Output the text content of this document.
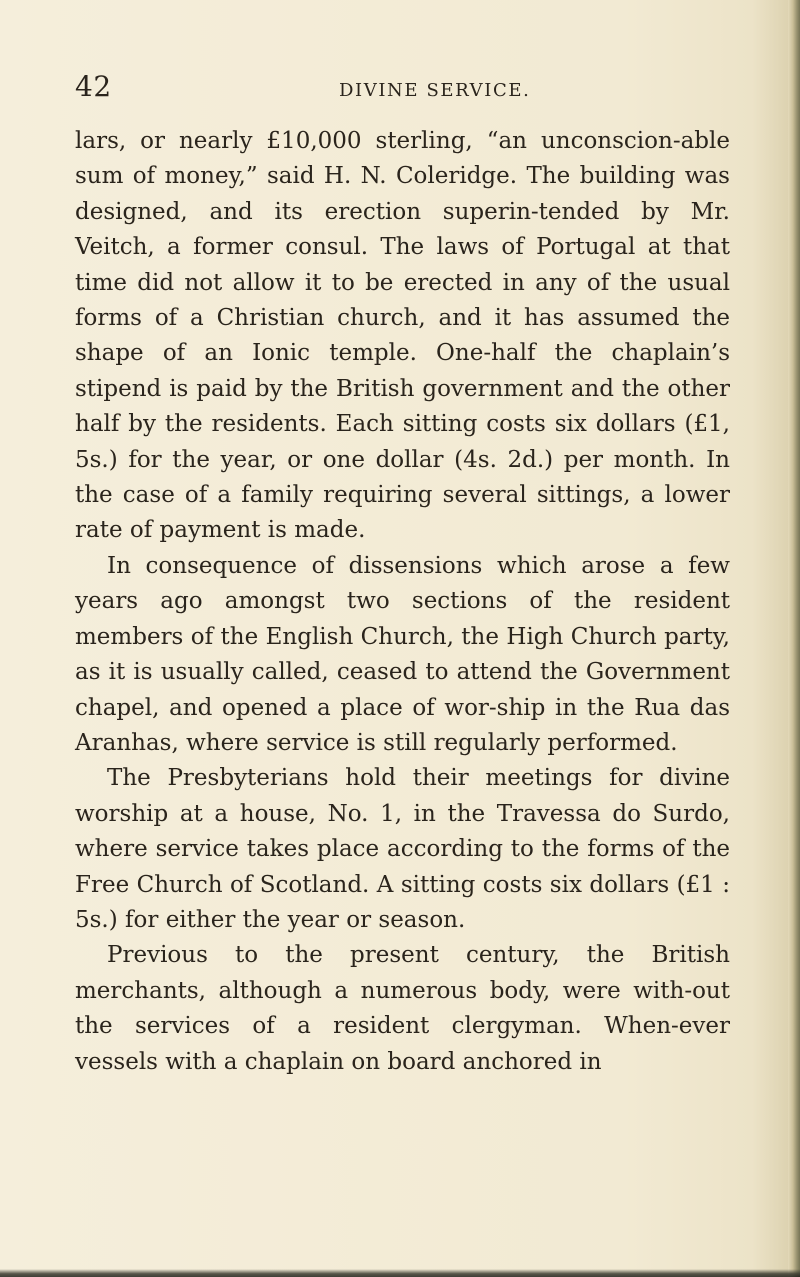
42	DIVINE SERVICE.

lars, or nearly £10,000 sterling, “an unconscion-able sum of money,” said H. N. Coleridge. The building was designed, and its erection superin-tended by Mr. Veitch, a former consul. The laws of Portugal at that time did not allow it to be erected in any of the usual forms of a Christian church, and it has assumed the shape of an Ionic temple. One-half the chaplain’s stipend is paid by the British government and the other half by the residents. Each sitting costs six dollars (£1, 5s.) for the year, or one dollar (4s. 2d.) per month. In the case of a family requiring several sittings, a lower rate of payment is made.

In consequence of dissensions which arose a few years ago amongst two sections of the resident members of the English Church, the High Church party, as it is usually called, ceased to attend the Government chapel, and opened a place of wor-ship in the Rua das Aranhas, where service is still regularly performed.

The Presbyterians hold their meetings for divine worship at a house, No. 1, in the Travessa do Surdo, where service takes place according to the forms of the Free Church of Scotland. A sitting costs six dollars (£1 : 5s.) for either the year or season.

Previous to the present century, the British merchants, although a numerous body, were with-out the services of a resident clergyman. When-ever vessels with a chaplain on board anchored in
